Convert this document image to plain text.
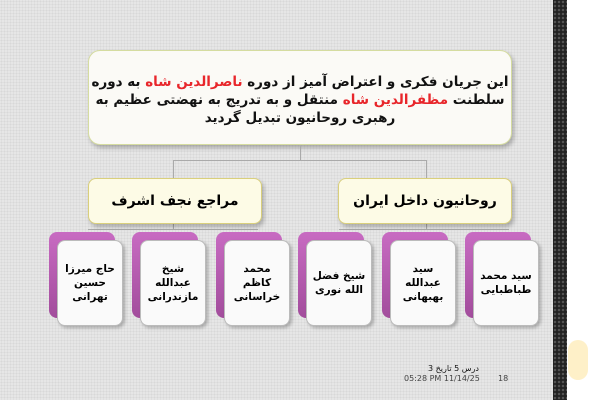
این جریان فکری و اعتراض آمیز از دوره ناصرالدین شاه به دوره سلطنت مظفرالدین شاه منتقل و به تدریج به نهضتی عظیم به رهبری روحانیون تبدیل گردید
مراجع نجف اشرف	روحانیون داخل ایران
حاج میرزا حسین تهرانی
شیخ عبدالله مازندرانی
محمد کاظم خراسانی
شیخ فضل الله نوری
سید عبدالله بهبهانی
سید محمد طباطبایی
درس 5 تاریخ 3
05:28 PM 11/14/25 18
